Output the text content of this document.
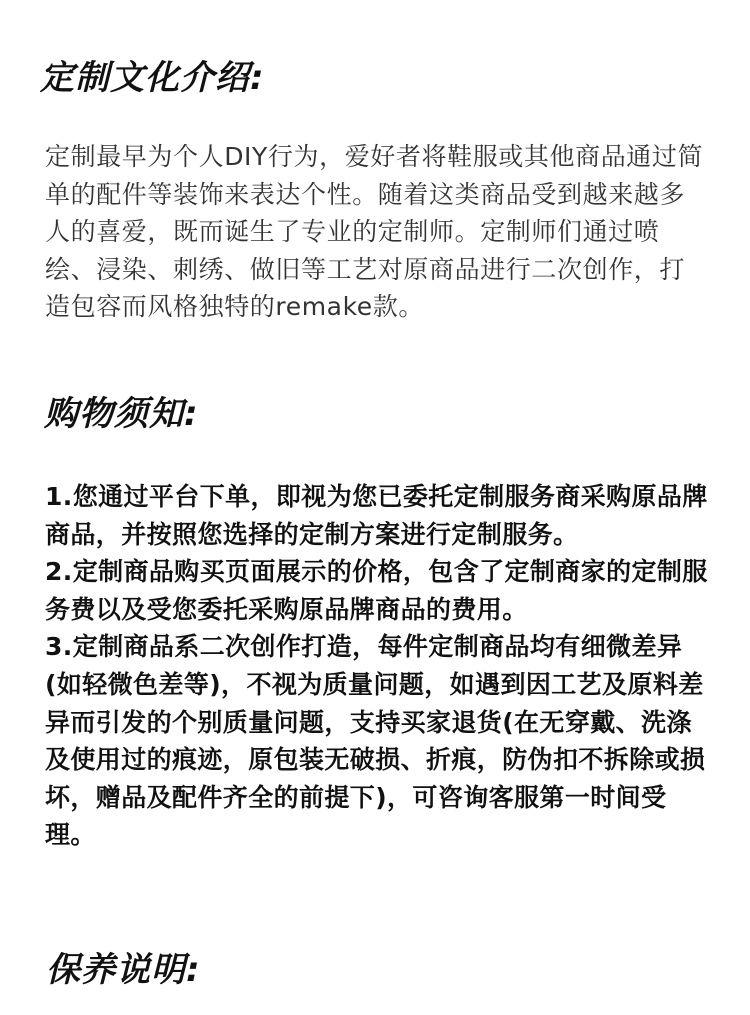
定制文化介绍:

定制最早为个人DIY行为，爱好者将鞋服或其他商品通过简单的配件等装饰来表达个性。随着这类商品受到越来越多人的喜爱，既而诞生了专业的定制师。定制师们通过喷绘、浸染、刺绣、做旧等工艺对原商品进行二次创作，打造包容而风格独特的remake款。

购物须知:
1.您通过平台下单，即视为您已委托定制服务商采购原品牌商品，并按照您选择的定制方案进行定制服务。
2.定制商品购买页面展示的价格，包含了定制商家的定制服务费以及受您委托采购原品牌商品的费用。
3.定制商品系二次创作打造，每件定制商品均有细微差异(如轻微色差等)，不视为质量问题，如遇到因工艺及原料差异而引发的个别质量问题，支持买家退货(在无穿戴、洗涤及使用过的痕迹，原包装无破损、折痕，防伪扣不拆除或损坏，赠品及配件齐全的前提下)，可咨询客服第一时间受理。
保养说明:
